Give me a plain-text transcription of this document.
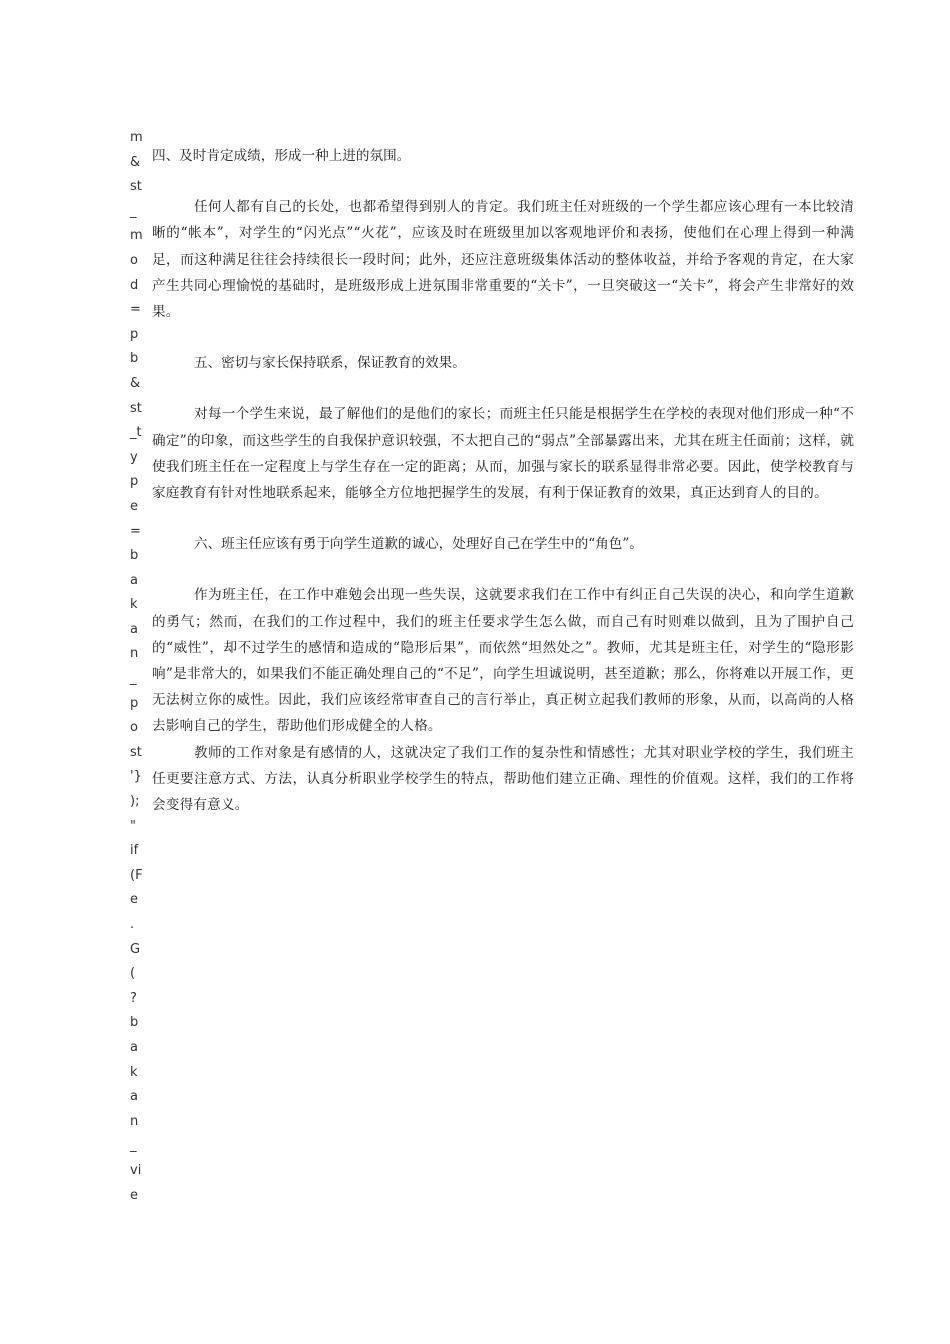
m
&
st
_
m
o
d
=
p
b
&
st
_t
y
p
e
=
b
a
k
a
n
_
p
o
st
'}
);
"
if
(F
e
.
G
(
?
b
a
k
a
n
_
vi
e

四、及时肯定成绩，形成一种上进的氛围。

任何人都有自己的长处，也都希望得到别人的肯定。我们班主任对班级的一个学生都应该心理有一本比较清晰的“帐本”，对学生的“闪光点”“火花”，应该及时在班级里加以客观地评价和表扬，使他们在心理上得到一种满足，而这种满足往往会持续很长一段时间；此外，还应注意班级集体活动的整体收益，并给予客观的肯定，在大家产生共同心理愉悦的基础时，是班级形成上进氛围非常重要的“关卡”，一旦突破这一“关卡”，将会产生非常好的效果。

五、密切与家长保持联系，保证教育的效果。

对每一个学生来说，最了解他们的是他们的家长；而班主任只能是根据学生在学校的表现对他们形成一种“不确定”的印象，而这些学生的自我保护意识较强，不太把自己的“弱点”全部暴露出来，尤其在班主任面前；这样，就使我们班主任在一定程度上与学生存在一定的距离；从而，加强与家长的联系显得非常必要。因此，使学校教育与家庭教育有针对性地联系起来，能够全方位地把握学生的发展，有利于保证教育的效果，真正达到育人的目的。

六、班主任应该有勇于向学生道歉的诚心，处理好自己在学生中的“角色”。

作为班主任，在工作中难勉会出现一些失误，这就要求我们在工作中有纠正自己失误的决心，和向学生道歉的勇气；然而，在我们的工作过程中，我们的班主任要求学生怎么做，而自己有时则难以做到，且为了围护自己的“威性”，却不过学生的感情和造成的“隐形后果”，而依然“坦然处之”。教师，尤其是班主任，对学生的“隐形影响”是非常大的，如果我们不能正确处理自己的“不足”，向学生坦诚说明，甚至道歉；那么，你将难以开展工作，更无法树立你的威性。因此，我们应该经常审查自己的言行举止，真正树立起我们教师的形象，从而，以高尚的人格去影响自己的学生，帮助他们形成健全的人格。

教师的工作对象是有感情的人，这就决定了我们工作的复杂性和情感性；尤其对职业学校的学生，我们班主任更要注意方式、方法，认真分析职业学校学生的特点，帮助他们建立正确、理性的价值观。这样，我们的工作将会变得有意义。
